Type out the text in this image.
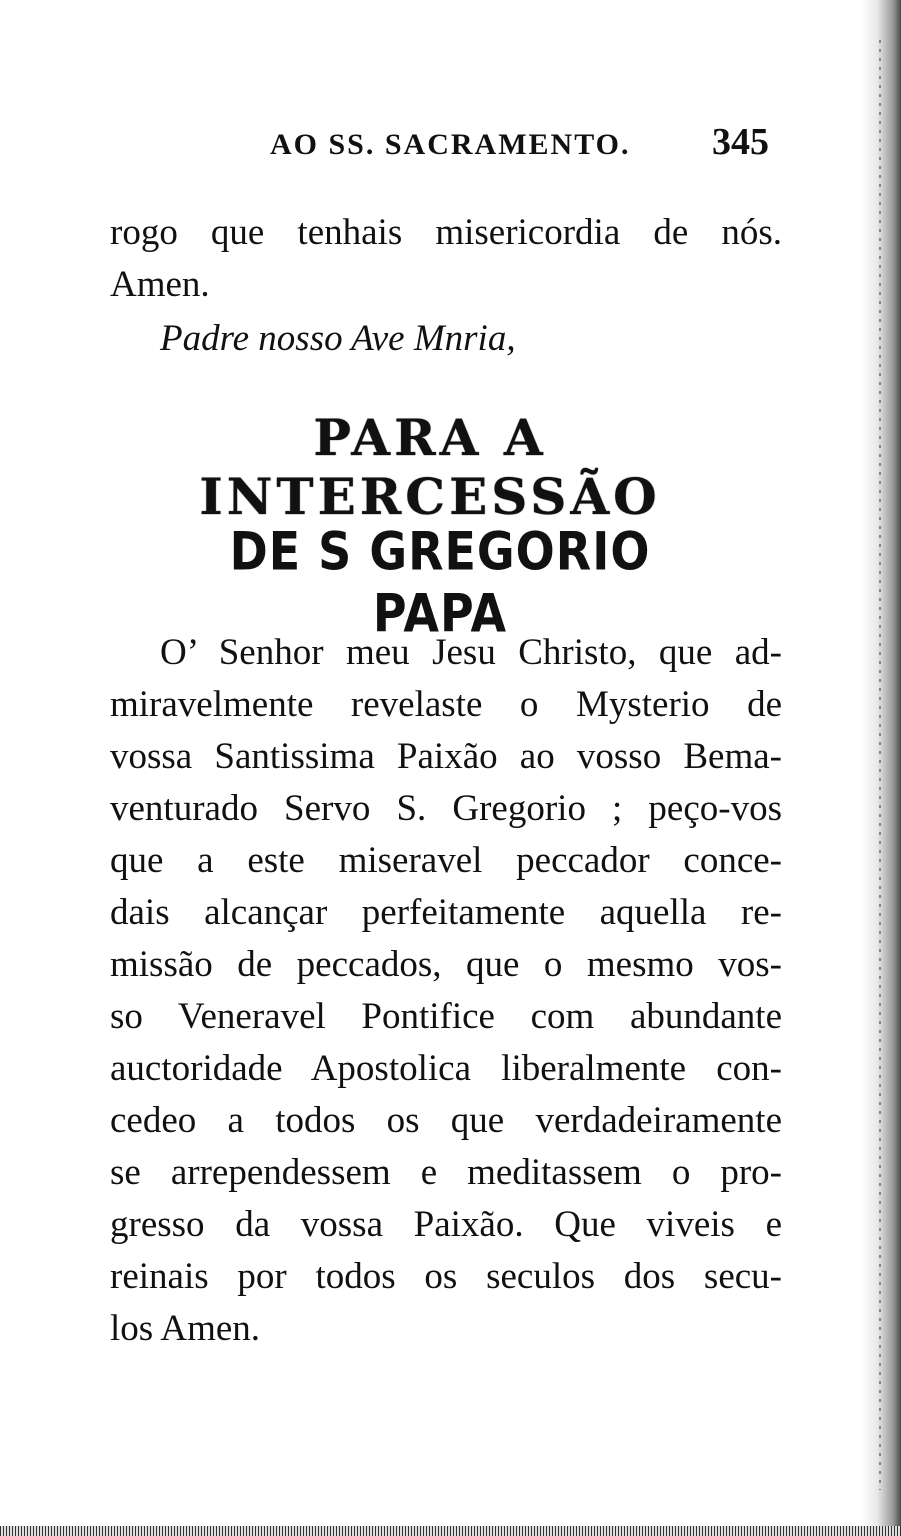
AO SS. SACRAMENTO. 345
rogo que tenhais misericordia de nós.
Amen.
Padre nosso Ave Mnria,
PARA A INTERCESSÃO
DE S GREGORIO PAPA
O’ Senhor meu Jesu Christo, que ad-
miravelmente revelaste o Mysterio de
vossa Santissima Paixão ao vosso Bema-
venturado Servo S. Gregorio ; peço-vos
que a este miseravel peccador conce-
dais alcançar perfeitamente aquella re-
missão de peccados, que o mesmo vos-
so Veneravel Pontifice com abundante
auctoridade Apostolica liberalmente con-
cedeo a todos os que verdadeiramente
se arrependessem e meditassem o pro-
gresso da vossa Paixão. Que viveis e
reinais por todos os seculos dos secu-
los Amen.
